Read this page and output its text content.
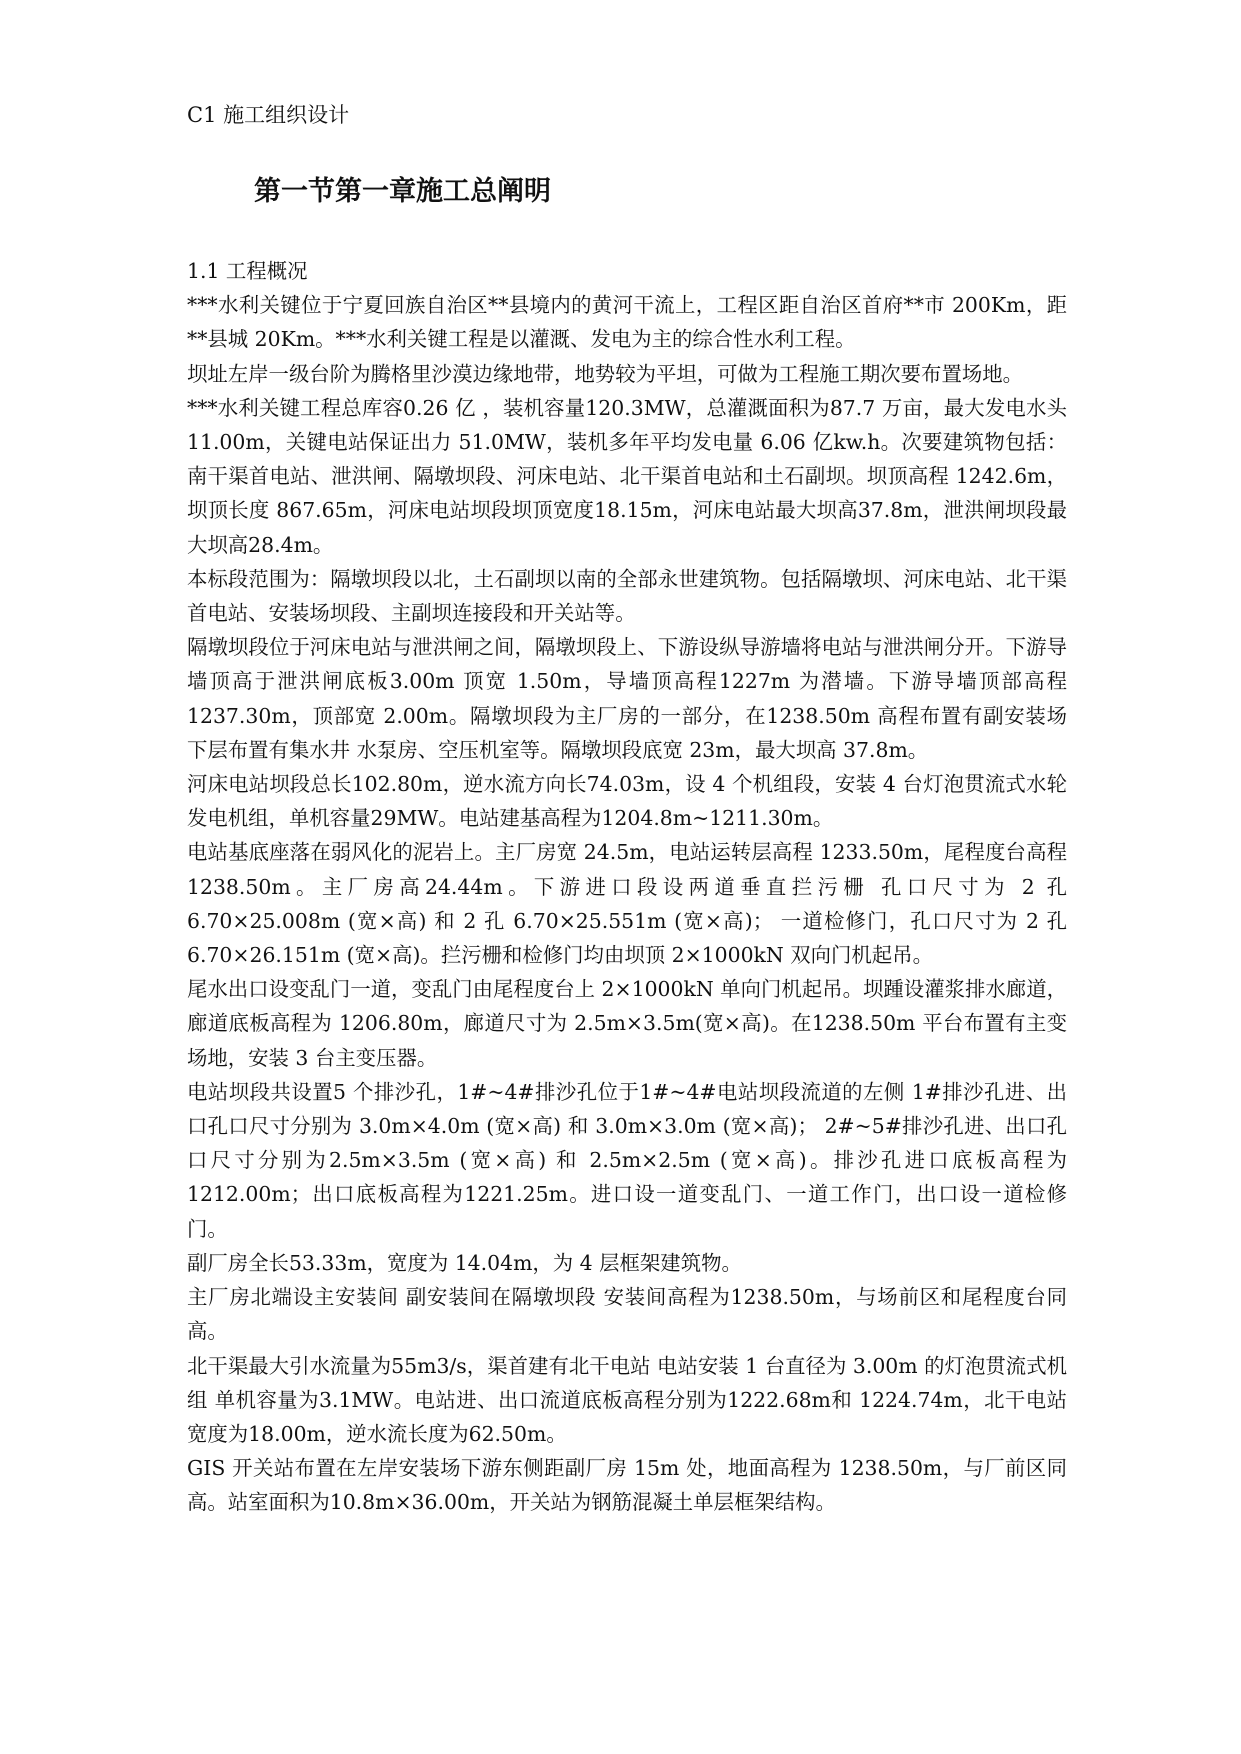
C1 施工组织设计
第一节第一章施工总阐明

1.1 工程概况

***水利关键位于宁夏回族自治区**县境内的黄河干流上，工程区距自治区首府**市 200Km，距**县城 20Km。***水利关键工程是以灌溉、发电为主的综合性水利工程。

坝址左岸一级台阶为腾格里沙漠边缘地带，地势较为平坦，可做为工程施工期次要布置场地。

***水利关键工程总库容0.26 亿 ，装机容量120.3MW，总灌溉面积为87.7 万亩，最大发电水头 11.00m，关键电站保证出力 51.0MW，装机多年平均发电量 6.06 亿kw.h。次要建筑物包括：南干渠首电站、泄洪闸、隔墩坝段、河床电站、北干渠首电站和土石副坝。坝顶高程 1242.6m，坝顶长度 867.65m，河床电站坝段坝顶宽度18.15m，河床电站最大坝高37.8m，泄洪闸坝段最大坝高28.4m。

本标段范围为：隔墩坝段以北，土石副坝以南的全部永世建筑物。包括隔墩坝、河床电站、北干渠首电站、安装场坝段、主副坝连接段和开关站等。

隔墩坝段位于河床电站与泄洪闸之间，隔墩坝段上、下游设纵导游墙将电站与泄洪闸分开。下游导墙顶高于泄洪闸底板3.00m 顶宽 1.50m，导墙顶高程1227m 为潜墙。下游导墙顶部高程 1237.30m，顶部宽 2.00m。隔墩坝段为主厂房的一部分，在1238.50m 高程布置有副安装场 下层布置有集水井 水泵房、空压机室等。隔墩坝段底宽 23m，最大坝高 37.8m。

河床电站坝段总长102.80m，逆水流方向长74.03m，设 4 个机组段，安装 4 台灯泡贯流式水轮发电机组，单机容量29MW。电站建基高程为1204.8m~1211.30m。

电站基底座落在弱风化的泥岩上。主厂房宽 24.5m，电站运转层高程 1233.50m，尾程度台高程1238.50m。主厂房高24.44m。下游进口段设两道垂直拦污栅 孔口尺寸为 2 孔 6.70×25.008m (宽×高) 和 2 孔 6.70×25.551m (宽×高)； 一道检修门，孔口尺寸为 2 孔 6.70×26.151m (宽×高)。拦污栅和检修门均由坝顶 2×1000kN 双向门机起吊。

尾水出口设变乱门一道，变乱门由尾程度台上 2×1000kN 单向门机起吊。坝踵设灌浆排水廊道，廊道底板高程为 1206.80m，廊道尺寸为 2.5m×3.5m(宽×高)。在1238.50m 平台布置有主变场地，安装 3 台主变压器。

电站坝段共设置5 个排沙孔，1#~4#排沙孔位于1#~4#电站坝段流道的左侧 1#排沙孔进、出口孔口尺寸分别为 3.0m×4.0m (宽×高) 和 3.0m×3.0m (宽×高)； 2#~5#排沙孔进、出口孔口尺寸分别为2.5m×3.5m (宽×高) 和 2.5m×2.5m (宽×高)。排沙孔进口底板高程为1212.00m；出口底板高程为1221.25m。进口设一道变乱门、一道工作门，出口设一道检修门。

副厂房全长53.33m，宽度为 14.04m，为 4 层框架建筑物。

主厂房北端设主安装间 副安装间在隔墩坝段 安装间高程为1238.50m，与场前区和尾程度台同高。

北干渠最大引水流量为55m3/s，渠首建有北干电站 电站安装 1 台直径为 3.00m 的灯泡贯流式机组 单机容量为3.1MW。电站进、出口流道底板高程分别为1222.68m和 1224.74m，北干电站宽度为18.00m，逆水流长度为62.50m。

GIS 开关站布置在左岸安装场下游东侧距副厂房 15m 处，地面高程为 1238.50m，与厂前区同高。站室面积为10.8m×36.00m，开关站为钢筋混凝土单层框架结构。
